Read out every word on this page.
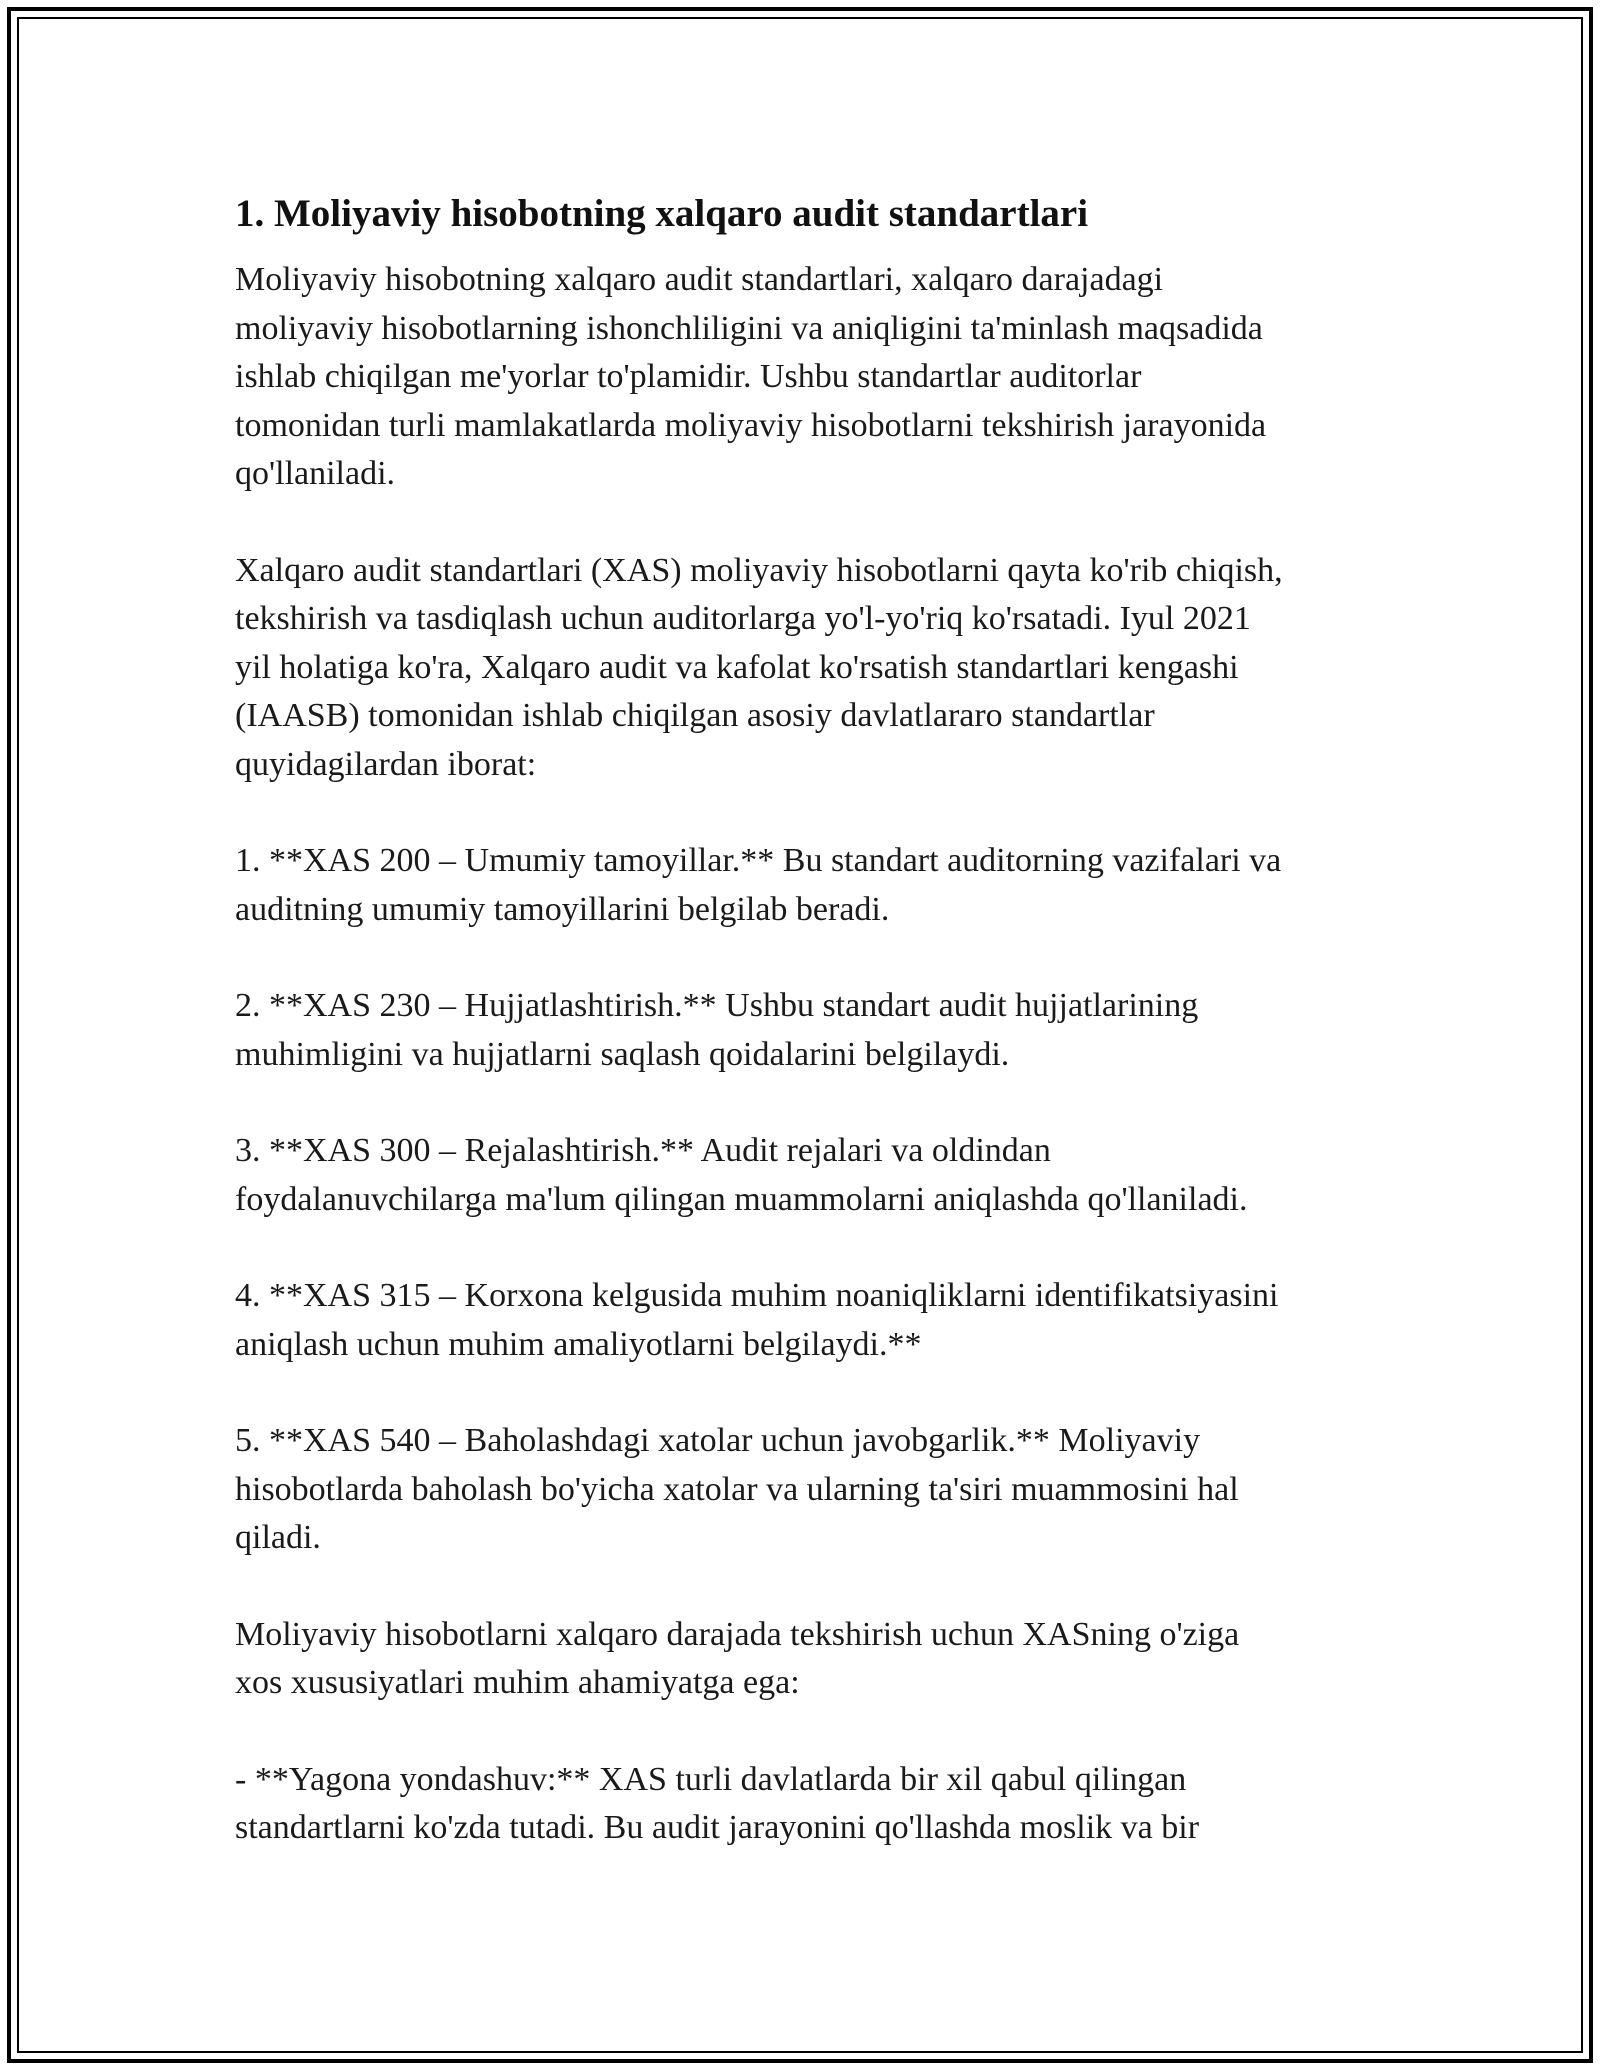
1. Moliyaviy hisobotning xalqaro audit standartlari

Moliyaviy hisobotning xalqaro audit standartlari, xalqaro darajadagi
moliyaviy hisobotlarning ishonchliligini va aniqligini ta'minlash maqsadida
ishlab chiqilgan me'yorlar to'plamidir. Ushbu standartlar auditorlar
tomonidan turli mamlakatlarda moliyaviy hisobotlarni tekshirish jarayonida
qo'llaniladi.

Xalqaro audit standartlari (XAS) moliyaviy hisobotlarni qayta ko'rib chiqish,
tekshirish va tasdiqlash uchun auditorlarga yo'l-yo'riq ko'rsatadi. Iyul 2021
yil holatiga ko'ra, Xalqaro audit va kafolat ko'rsatish standartlari kengashi
(IAASB) tomonidan ishlab chiqilgan asosiy davlatlararo standartlar
quyidagilardan iborat:

1. **XAS 200 – Umumiy tamoyillar.** Bu standart auditorning vazifalari va
auditning umumiy tamoyillarini belgilab beradi.

2. **XAS 230 – Hujjatlashtirish.** Ushbu standart audit hujjatlarining
muhimligini va hujjatlarni saqlash qoidalarini belgilaydi.

3. **XAS 300 – Rejalashtirish.** Audit rejalari va oldindan
foydalanuvchilarga ma'lum qilingan muammolarni aniqlashda qo'llaniladi.

4. **XAS 315 – Korxona kelgusida muhim noaniqliklarni identifikatsiyasini
aniqlash uchun muhim amaliyotlarni belgilaydi.**

5. **XAS 540 – Baholashdagi xatolar uchun javobgarlik.** Moliyaviy
hisobotlarda baholash bo'yicha xatolar va ularning ta'siri muammosini hal
qiladi.

Moliyaviy hisobotlarni xalqaro darajada tekshirish uchun XASning o'ziga
xos xususiyatlari muhim ahamiyatga ega:

- **Yagona yondashuv:** XAS turli davlatlarda bir xil qabul qilingan
standartlarni ko'zda tutadi. Bu audit jarayonini qo'llashda moslik va bir
